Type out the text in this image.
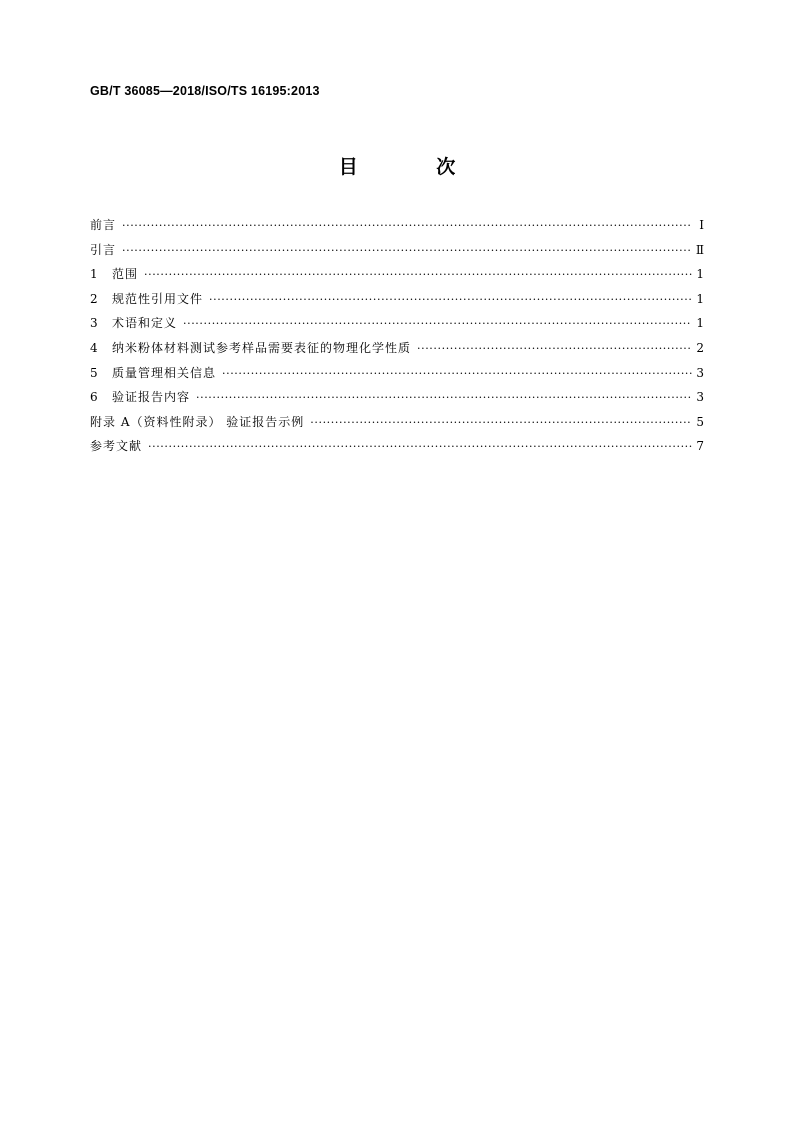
GB/T 36085—2018/ISO/TS 16195:2013
目 次
前言 ·····	Ⅰ
引言 ·····	Ⅱ
1	范围 ·····	1
2	规范性引用文件 ·····	1
3	术语和定义 ·····	1
4	纳米粉体材料测试参考样品需要表征的物理化学性质 ·····	2
5	质量管理相关信息 ·····	3
6	验证报告内容 ·····	3
附录 A（资料性附录） 验证报告示例 ·····	5
参考文献 ·····	7
